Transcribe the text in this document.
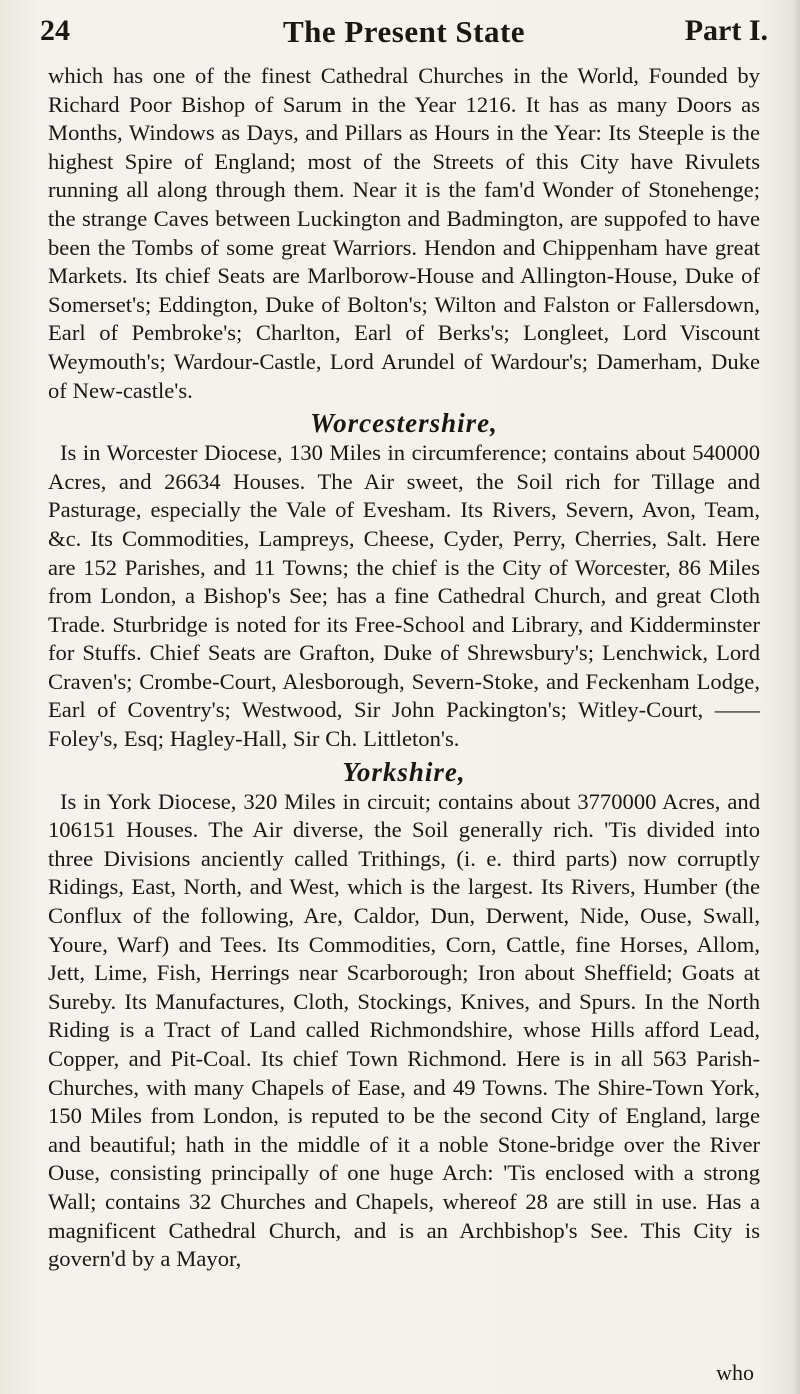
24	The Present State	Part I.

which has one of the finest Cathedral Churches in the World, Founded by Richard Poor Bishop of Sarum in the Year 1216. It has as many Doors as Months, Windows as Days, and Pillars as Hours in the Year: Its Steeple is the highest Spire of England; most of the Streets of this City have Rivulets running all along through them. Near it is the fam'd Wonder of Stonehenge; the strange Caves between Luckington and Badmington, are suppofed to have been the Tombs of some great Warriors. Hendon and Chippenham have great Markets. Its chief Seats are Marlborow-House and Allington-House, Duke of Somerset's; Eddington, Duke of Bolton's; Wilton and Falston or Fallersdown, Earl of Pembroke's; Charlton, Earl of Berks's; Longleet, Lord Viscount Weymouth's; Wardour-Castle, Lord Arundel of Wardour's; Damerham, Duke of New-castle's.

Worcestershire,

Is in Worcester Diocese, 130 Miles in circumference; contains about 540000 Acres, and 26634 Houses. The Air sweet, the Soil rich for Tillage and Pasturage, especially the Vale of Evesham. Its Rivers, Severn, Avon, Team, &c. Its Commodities, Lampreys, Cheese, Cyder, Perry, Cherries, Salt. Here are 152 Parishes, and 11 Towns; the chief is the City of Worcester, 86 Miles from London, a Bishop's See; has a fine Cathedral Church, and great Cloth Trade. Sturbridge is noted for its Free-School and Library, and Kidderminster for Stuffs. Chief Seats are Grafton, Duke of Shrewsbury's; Lenchwick, Lord Craven's; Crombe-Court, Alesborough, Severn-Stoke, and Feckenham Lodge, Earl of Coventry's; Westwood, Sir John Packington's; Witley-Court, —— Foley's, Esq; Hagley-Hall, Sir Ch. Littleton's.

Yorkshire,

Is in York Diocese, 320 Miles in circuit; contains about 3770000 Acres, and 106151 Houses. The Air diverse, the Soil generally rich. 'Tis divided into three Divisions anciently called Trithings, (i. e. third parts) now corruptly Ridings, East, North, and West, which is the largest. Its Rivers, Humber (the Conflux of the following, Are, Caldor, Dun, Derwent, Nide, Ouse, Swall, Youre, Warf) and Tees. Its Commodities, Corn, Cattle, fine Horses, Allom, Jett, Lime, Fish, Herrings near Scarborough; Iron about Sheffield; Goats at Sureby. Its Manufactures, Cloth, Stockings, Knives, and Spurs. In the North Riding is a Tract of Land called Richmondshire, whose Hills afford Lead, Copper, and Pit-Coal. Its chief Town Richmond. Here is in all 563 Parish-Churches, with many Chapels of Ease, and 49 Towns. The Shire-Town York, 150 Miles from London, is reputed to be the second City of England, large and beautiful; hath in the middle of it a noble Stone-bridge over the River Ouse, consisting principally of one huge Arch: 'Tis enclosed with a strong Wall; contains 32 Churches and Chapels, whereof 28 are still in use. Has a magnificent Cathedral Church, and is an Archbishop's See. This City is govern'd by a Mayor,

who
